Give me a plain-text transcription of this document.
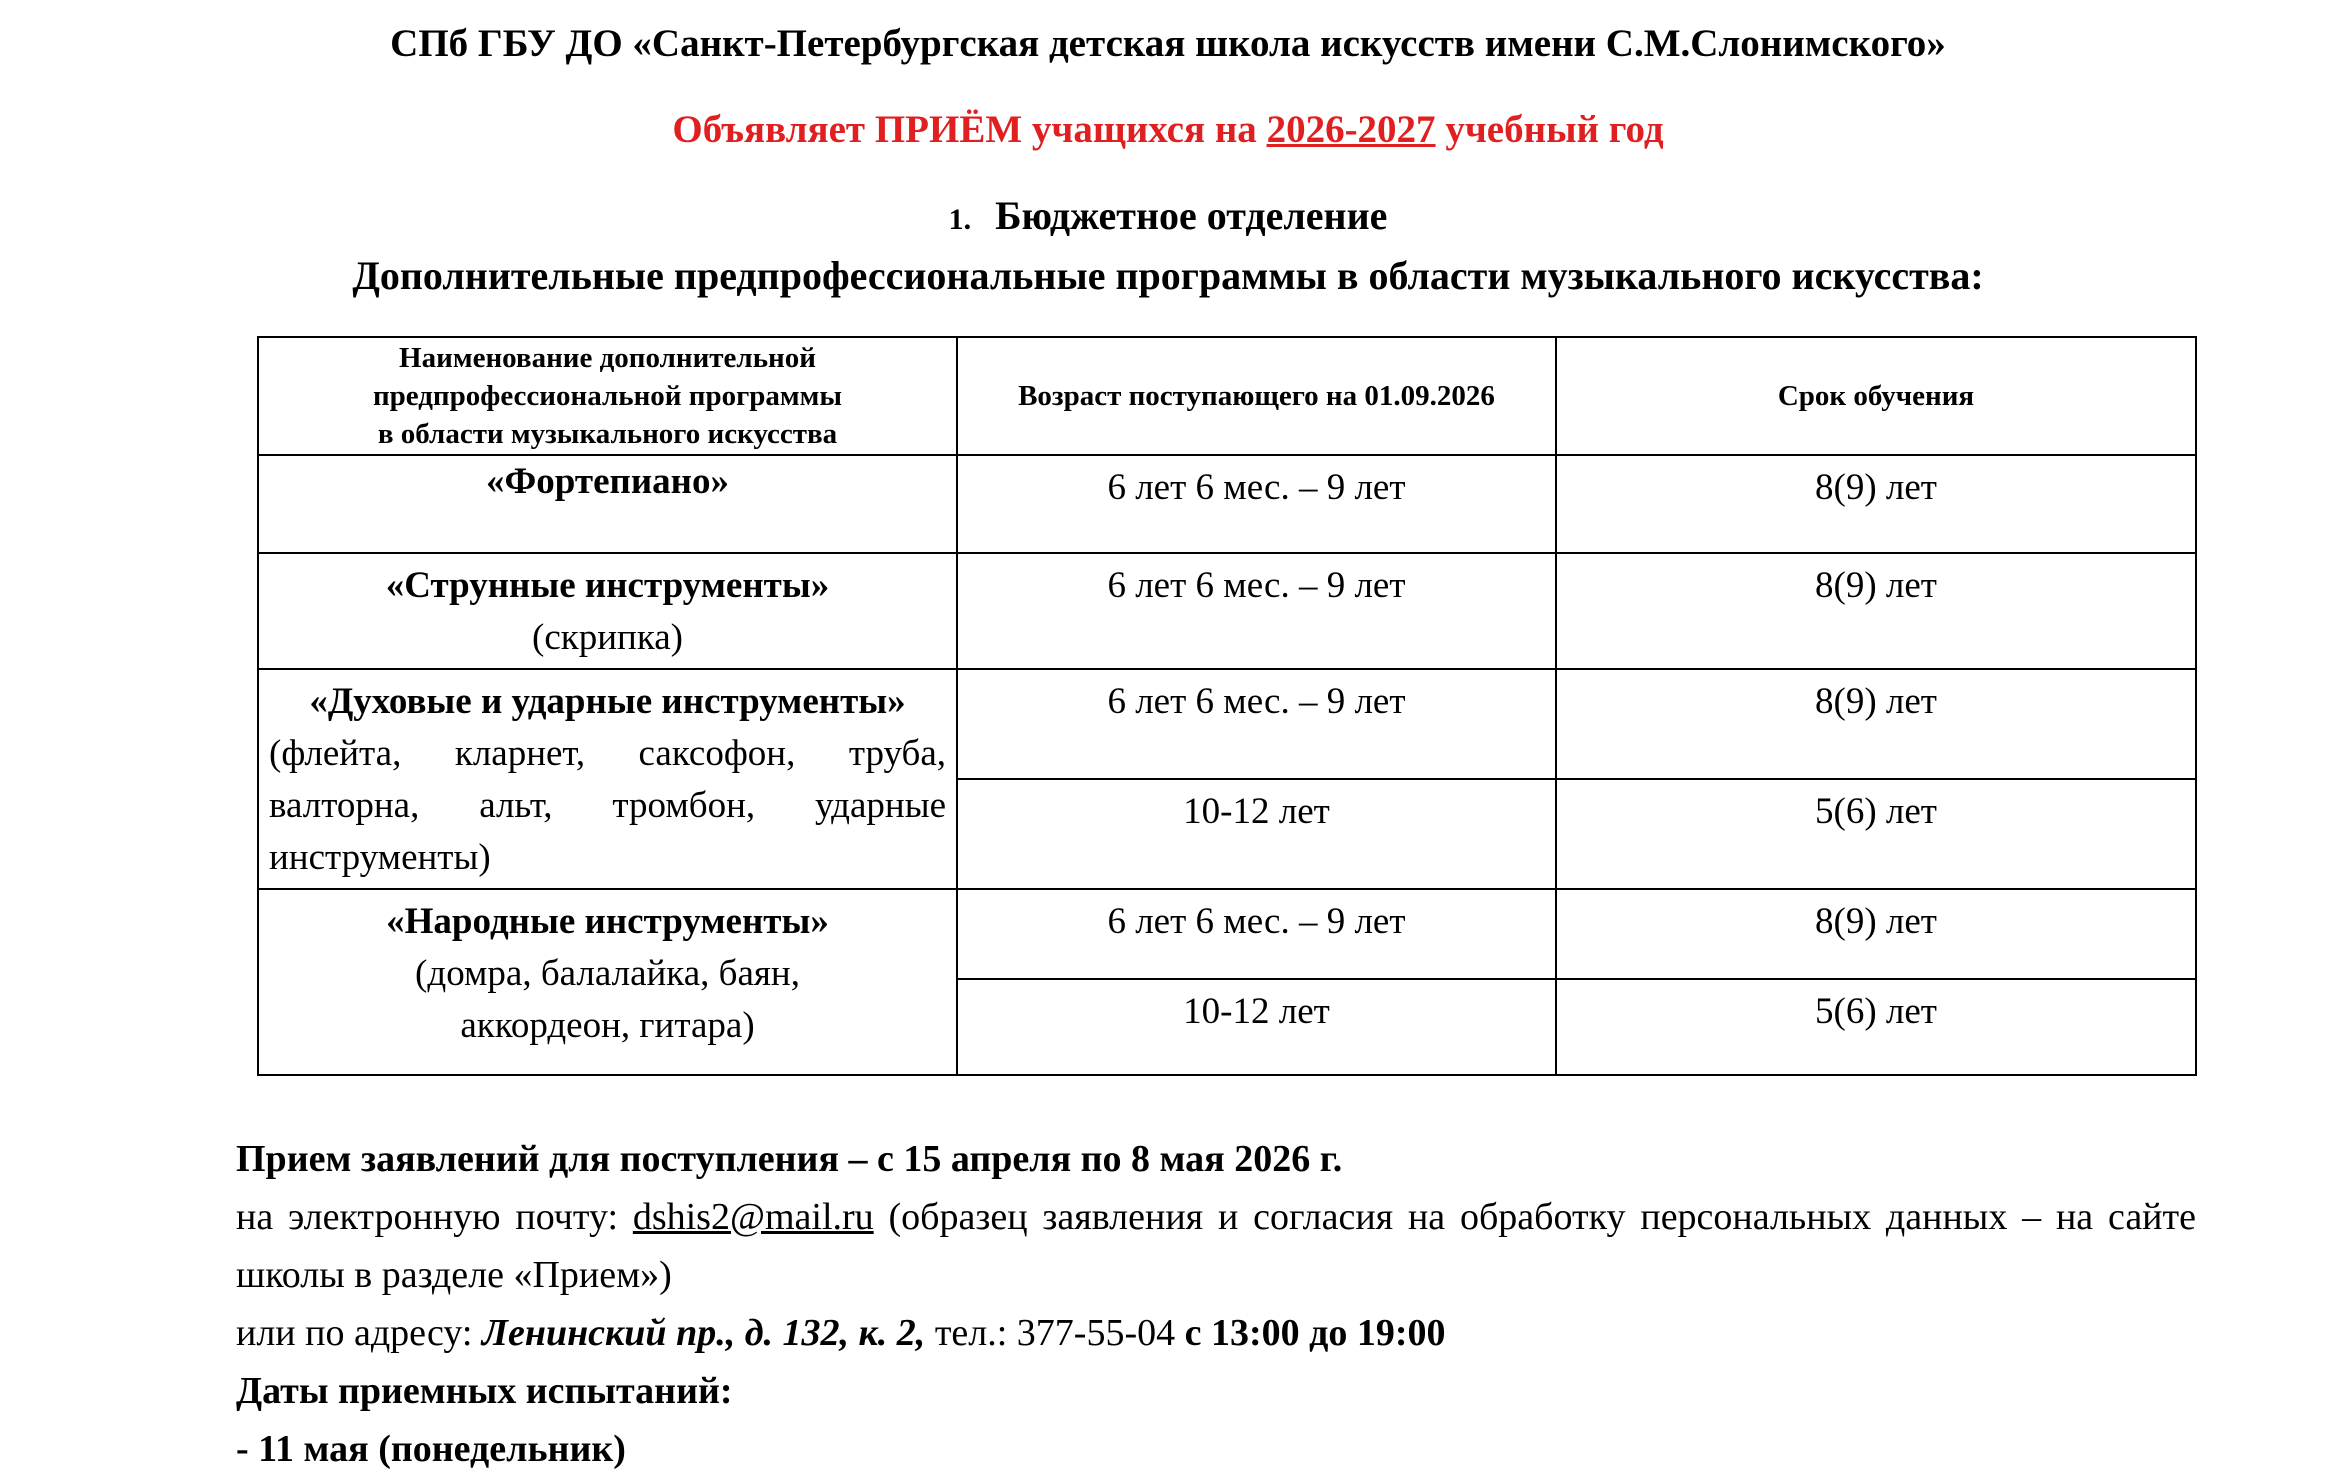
СПб ГБУ ДО «Санкт-Петербургская детская школа искусств имени С.М.Слонимского»
Объявляет ПРИЁМ учащихся на 2026-2027 учебный год
1. Бюджетное отделение
Дополнительные предпрофессиональные программы в области музыкального искусства:
Наименование дополнительной
предпрофессиональной программы
в области музыкального искусства	Возраст поступающего на 01.09.2026	Срок обучения
«Фортепиано»	6 лет 6 мес. – 9 лет	8(9) лет

«Струнные инструменты»
(скрипка)	6 лет 6 мес. – 9 лет	8(9) лет

«Духовые и ударные инструменты»
(флейта, кларнет, саксофон, труба, валторна, альт, тромбон, ударные инструменты)	6 лет 6 мес. – 9 лет	8(9) лет
	10-12 лет	5(6) лет

«Народные инструменты»
(домра, балалайка, баян, аккордеон, гитара)	6 лет 6 мес. – 9 лет	8(9) лет
	10-12 лет	5(6) лет

Прием заявлений для поступления – с 15 апреля по 8 мая 2026 г.

на электронную почту: dshis2@mail.ru (образец заявления и согласия на обработку персональных данных – на сайте школы в разделе «Прием»)

или по адресу: Ленинский пр., д. 132, к. 2, тел.: 377-55-04 с 13:00 до 19:00

Даты приемных испытаний:

- 11 мая (понедельник)
